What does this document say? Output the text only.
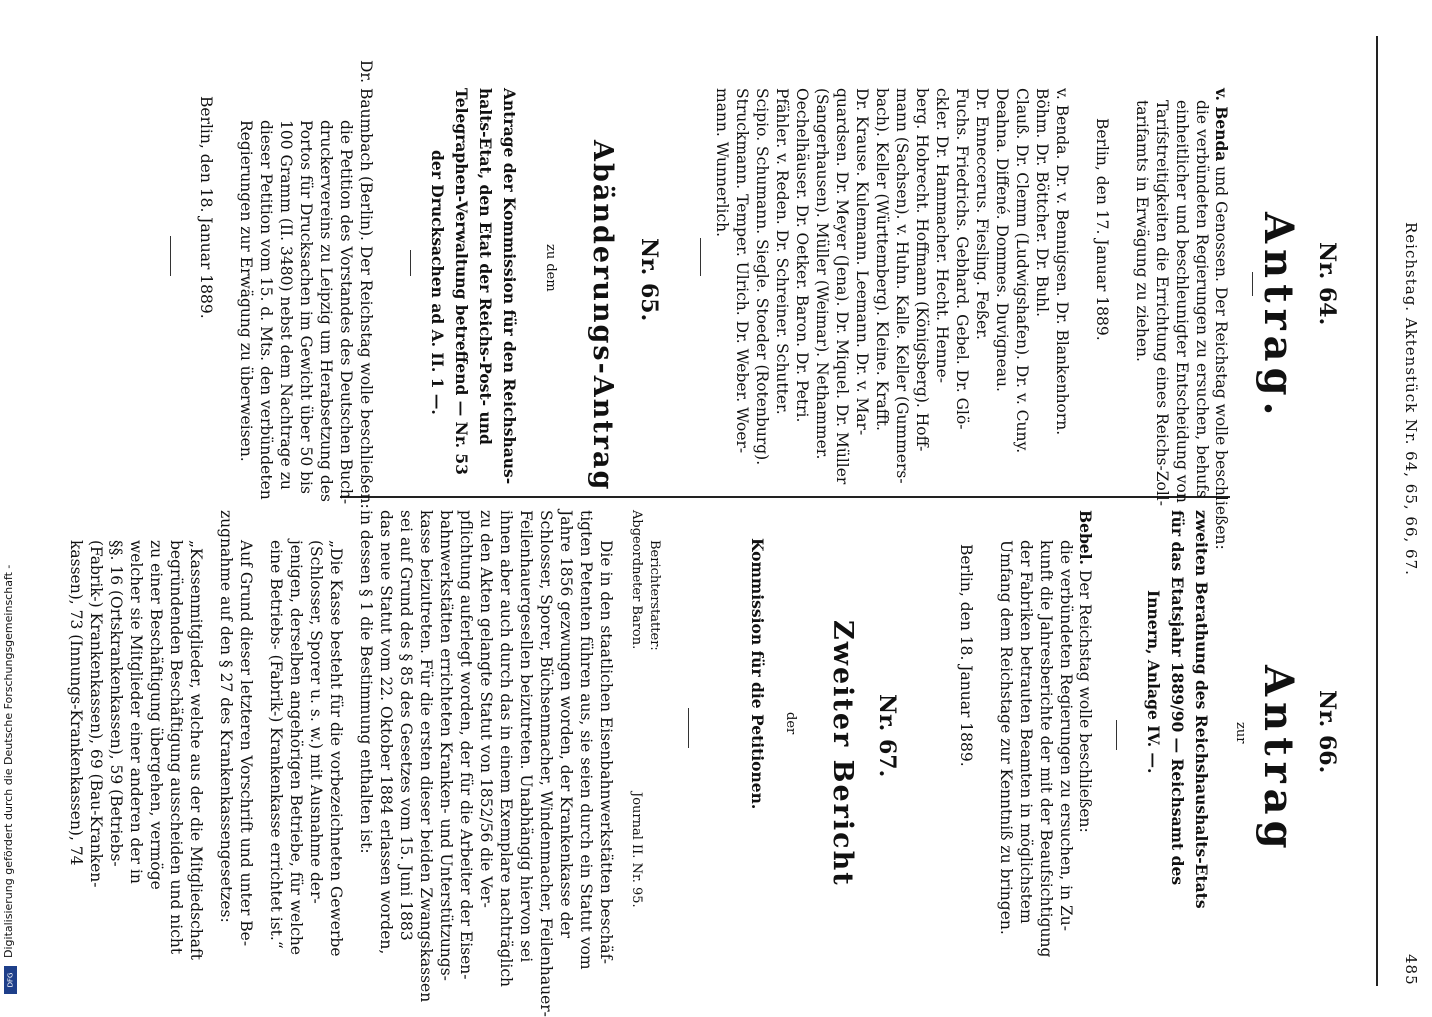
Reichstag. Aktenstück Nr. 64, 65, 66, 67.
485
Nr. 64.
Antrag.
v. Benda und Genossen. Der Reichstag wolle beschließen:
die verbündeten Regierungen zu ersuchen, behufs
einheitlicher und beschleunigter Entscheidung von
Tarifstreitigkeiten die Errichtung eines Reichs-Zoll-
tarifamts in Erwägung zu ziehen.
Berlin, den 17. Januar 1889.
v. Benda. Dr. v. Bennigsen. Dr. Blankenhorn.
Böhm. Dr. Böttcher. Dr. Buhl.
Clauß. Dr. Clemm (Ludwigshafen). Dr. v. Cuny.
Deahna. Diffené. Dommes. Duvigneau.
Dr. Enneccerus. Fiesling. Feßer.
Fuchs. Friedrichs. Gebhard. Gebel. Dr. Glö-
ckler. Dr. Hammacher. Hecht. Henne-
berg. Hobrecht. Hoffmann (Königsberg). Hoff-
mann (Sachsen). v. Huhn. Kalle. Keller (Gummers-
bach). Keller (Württemberg). Kleine. Krafft.
Dr. Krause. Kulemann. Leemann. Dr. v. Mar-
quardsen. Dr. Meyer (Jena). Dr. Miquel. Dr. Müller
(Sangerhausen). Müller (Weimar). Nethammer.
Oechelhäuser. Dr. Oetker. Baron. Dr. Petri.
Pfähler. v. Reden. Dr. Schreiner. Schutter.
Scipio. Schumann. Siegle. Stoeder (Rotenburg).
Struckmann. Temper. Ulrich. Dr. Weber. Woer-
mann. Wunnerlich.
Nr. 65.
Abänderungs-Antrag
zu dem
Antrage der Kommission für den Reichshaus-
halts-Etat, den Etat der Reichs-Post- und
Telegraphen-Verwaltung betreffend — Nr. 53
der Drucksachen ad A. II. 1 —.
Dr. Baumbach (Berlin). Der Reichstag wolle beschließen:
die Petition des Vorstandes des Deutschen Buch-
druckervereins zu Leipzig um Herabsetzung des
Portos für Drucksachen im Gewicht über 50 bis
100 Gramm (II. 3480) nebst dem Nachtrage zu
dieser Petition vom 15. d. Mts. den verbündeten
Regierungen zur Erwägung zu überweisen.
Berlin, den 18. Januar 1889.
Nr. 66.
Antrag
zur
zweiten Berathung des Reichshaushalts-Etats
für das Etatsjahr 1889/90 — Reichsamt des
Innern, Anlage IV. —.
Bebel. Der Reichstag wolle beschließen:
die verbündeten Regierungen zu ersuchen, in Zu-
kunft die Jahresberichte der mit der Beaufsichtigung
der Fabriken betrauten Beamten in möglichstem
Umfang dem Reichstage zur Kenntniß zu bringen.
Berlin, den 18. Januar 1889.
Nr. 67.
Zweiter Bericht
der
Kommission für die Petitionen.
Berichterstatter:
Abgeordneter Baron.
Journal II. Nr. 95.
Die in den staatlichen Eisenbahnwerkstätten beschäf-
tigten Petenten führen aus, sie seien durch ein Statut vom
Jahre 1856 gezwungen worden, der Krankenkasse der
Schlosser, Sporer, Büchsenmacher, Windenmacher, Feilenhauer-
Feilenhauergesellen beizutreten. Unabhängig hiervon sei
ihnen aber auch durch das in einem Exemplare nachträglich
zu den Akten gelangte Statut von 1852/56 die Ver-
pflichtung auferlegt worden, der für die Arbeiter der Eisen-
bahnwerkstätten errichteten Kranken- und Unterstützungs-
kasse beizutreten. Für die ersten dieser beiden Zwangskassen
sei auf Grund des § 85 des Gesetzes vom 15. Juni 1883
das neue Statut vom 22. Oktober 1884 erlassen worden,
in dessen § 1 die Bestimmung enthalten ist:
„Die Kasse besteht für die vorbezeichneten Gewerbe
(Schlosser, Sporer u. s. w.) mit Ausnahme der-
jenigen, derselben angehörigen Betriebe, für welche
eine Betriebs- (Fabrik-) Krankenkasse errichtet ist.“
Auf Grund dieser letzteren Vorschrift und unter Be-
zugnahme auf den § 27 des Krankenkassengesetzes:
„Kassenmitglieder, welche aus der die Mitgliedschaft
begründenden Beschäftigung ausscheiden und nicht
zu einer Beschäftigung übergehen, vermöge
welcher sie Mitglieder einer anderen der in
§§. 16 (Ortskrankenkassen), 59 (Betriebs-
(Fabrik-) Krankenkassen), 69 (Bau-Kranken-
kassen), 73 (Innungs-Krankenkassen), 74
Digitalisierung gefördert durch die Deutsche Forschungsgemeinschaft -
DFG
